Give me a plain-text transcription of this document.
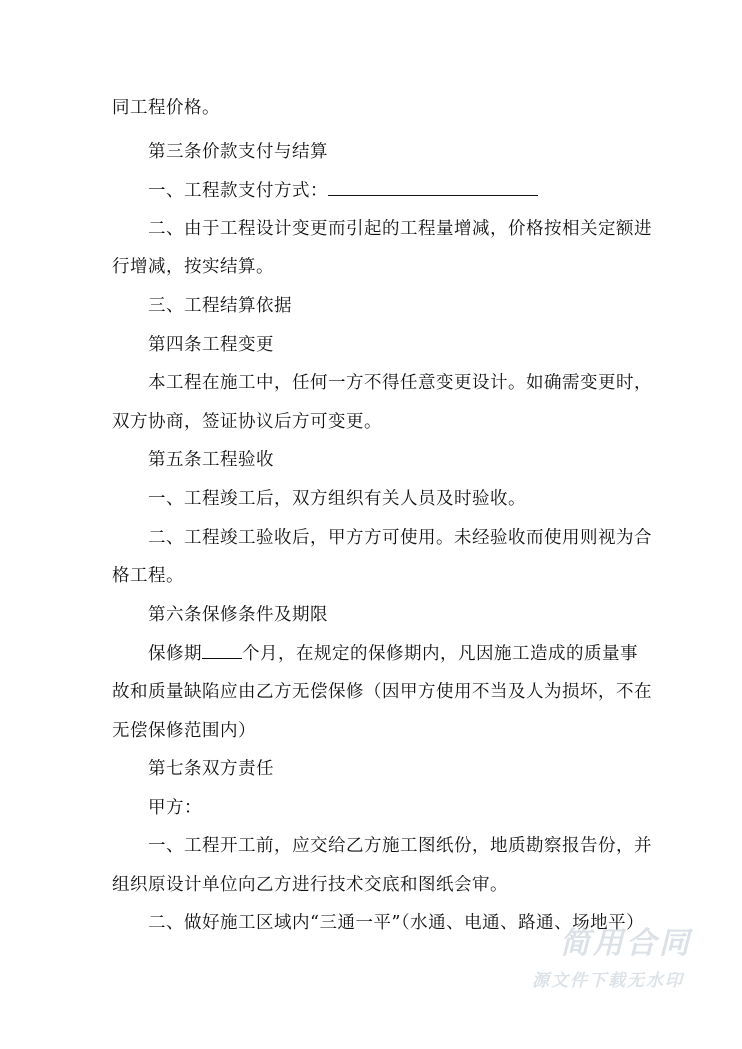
同工程价格。
第三条价款支付与结算
一、工程款支付方式：
二、由于工程设计变更而引起的工程量增减，价格按相关定额进
行增减，按实结算。
三、工程结算依据
第四条工程变更
本工程在施工中，任何一方不得任意变更设计。如确需变更时，
双方协商，签证协议后方可变更。
第五条工程验收
一、工程竣工后，双方组织有关人员及时验收。
二、工程竣工验收后，甲方方可使用。未经验收而使用则视为合
格工程。
第六条保修条件及期限
保修期 个月，在规定的保修期内，凡因施工造成的质量事
故和质量缺陷应由乙方无偿保修（因甲方使用不当及人为损坏，不在
无偿保修范围内）
第七条双方责任
甲方：
一、工程开工前，应交给乙方施工图纸份，地质勘察报告份，并
组织原设计单位向乙方进行技术交底和图纸会审。
二、做好施工区域内“三通一平”（水通、电通、路通、场地平）
简用合同
源文件下载无水印
